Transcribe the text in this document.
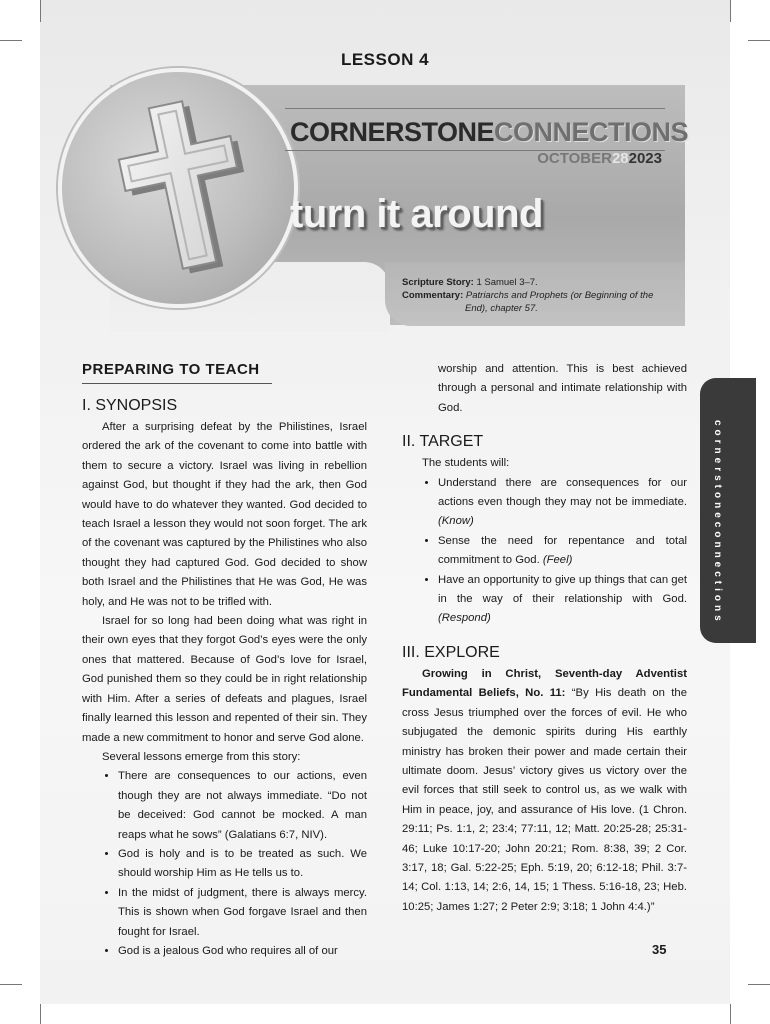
LESSON 4
CORNERSTONECONNECTIONS
OCTOBER282023
turn it around
Scripture Story: 1 Samuel 3–7.
Commentary: Patriarchs and Prophets (or Beginning of the
End), chapter 57.
cornerstoneconnections
PREPARING TO TEACH
I. SYNOPSIS

After a surprising defeat by the Philistines, Israel ordered the ark of the covenant to come into battle with them to secure a victory. Israel was living in rebellion against God, but thought if they had the ark, then God would have to do whatever they wanted. God decided to teach Israel a lesson they would not soon forget. The ark of the covenant was captured by the Philistines who also thought they had captured God. God decided to show both Israel and the Philistines that He was God, He was holy, and He was not to be trifled with.

Israel for so long had been doing what was right in their own eyes that they forgot God’s eyes were the only ones that mattered. Because of God’s love for Israel, God punished them so they could be in right relationship with Him. After a series of defeats and plagues, Israel finally learned this lesson and repented of their sin. They made a new commitment to honor and serve God alone.

Several lessons emerge from this story:

• There are consequences to our actions, even though they are not always immediate. “Do not be deceived: God cannot be mocked. A man reaps what he sows” (Galatians 6:7, NIV).
• God is holy and is to be treated as such. We should worship Him as He tells us to.
• In the midst of judgment, there is always mercy. This is shown when God forgave Israel and then fought for Israel.
• God is a jealous God who requires all of our

worship and attention. This is best achieved through a personal and intimate relationship with God.

II. TARGET

The students will:

• Understand there are consequences for our actions even though they may not be immediate. (Know)
• Sense the need for repentance and total commitment to God. (Feel)
• Have an opportunity to give up things that can get in the way of their relationship with God. (Respond)
III. EXPLORE

Growing in Christ, Seventh-day Adventist Fundamental Beliefs, No. 11: “By His death on the cross Jesus triumphed over the forces of evil. He who subjugated the demonic spirits during His earthly ministry has broken their power and made certain their ultimate doom. Jesus’ victory gives us victory over the evil forces that still seek to control us, as we walk with Him in peace, joy, and assurance of His love. (1 Chron. 29:11; Ps. 1:1, 2; 23:4; 77:11, 12; Matt. 20:25-28; 25:31-46; Luke 10:17-20; John 20:21; Rom. 8:38, 39; 2 Cor. 3:17, 18; Gal. 5:22-25; Eph. 5:19, 20; 6:12-18; Phil. 3:7-14; Col. 1:13, 14; 2:6, 14, 15; 1 Thess. 5:16-18, 23; Heb. 10:25; James 1:27; 2 Peter 2:9; 3:18; 1 John 4:4.)”

35
